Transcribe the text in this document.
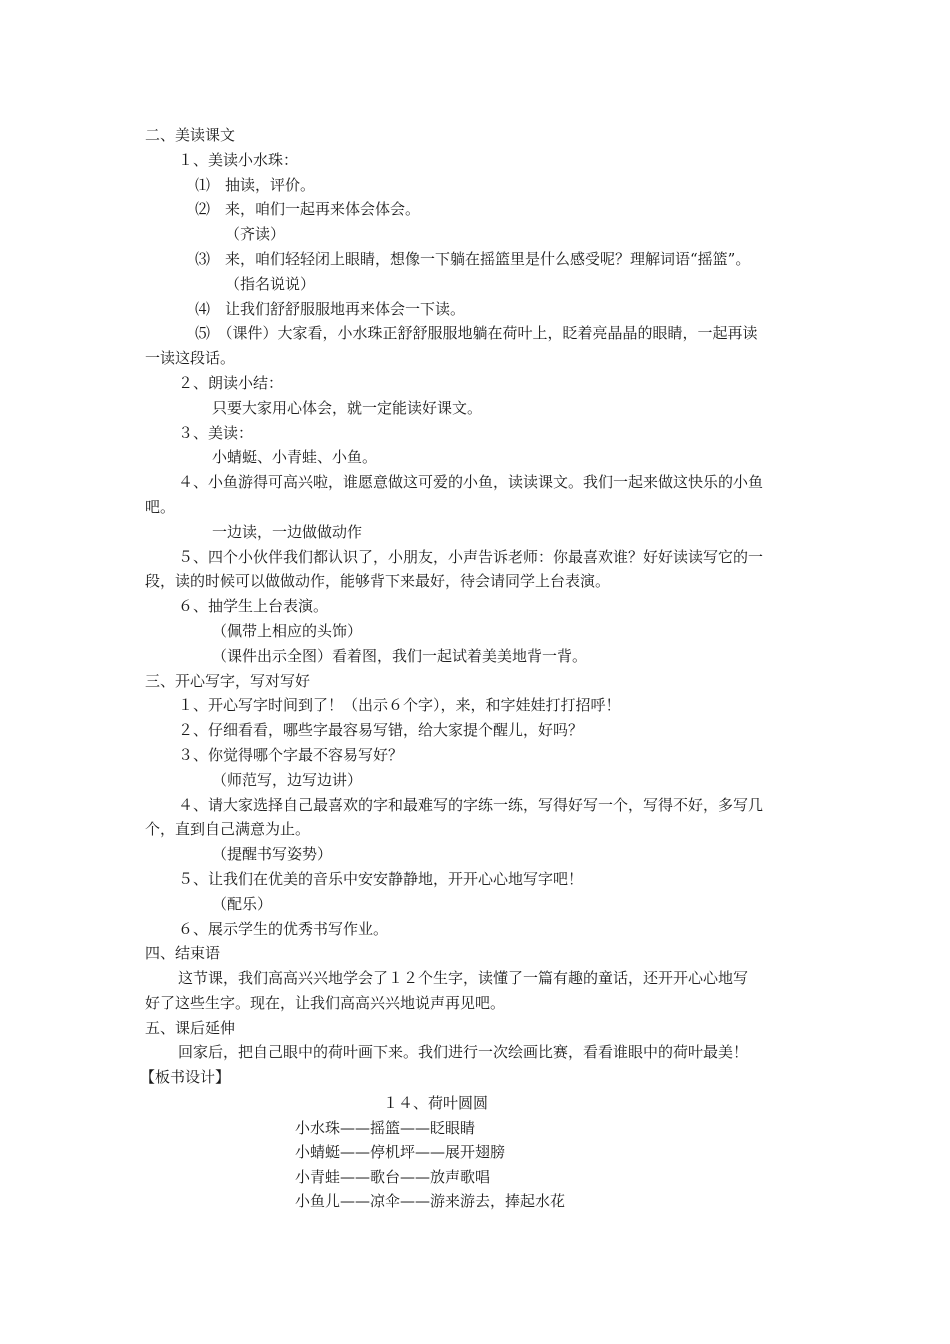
二、美读课文
１、美读小水珠：
⑴　抽读，评价。
⑵　来，咱们一起再来体会体会。
（齐读）
⑶　来，咱们轻轻闭上眼睛，想像一下躺在摇篮里是什么感受呢？理解词语“摇篮”。
（指名说说）
⑷　让我们舒舒服服地再来体会一下读。
⑸　（课件）大家看，小水珠正舒舒服服地躺在荷叶上，眨着亮晶晶的眼睛，一起再读
一读这段话。
２、朗读小结：
只要大家用心体会，就一定能读好课文。
３、美读：
小蜻蜓、小青蛙、小鱼。
４、小鱼游得可高兴啦，谁愿意做这可爱的小鱼，读读课文。我们一起来做这快乐的小鱼
吧。
一边读，一边做做动作
５、四个小伙伴我们都认识了，小朋友，小声告诉老师：你最喜欢谁？好好读读写它的一
段，读的时候可以做做动作，能够背下来最好，待会请同学上台表演。
６、抽学生上台表演。
（佩带上相应的头饰）
（课件出示全图）看着图，我们一起试着美美地背一背。
三、开心写字，写对写好
１、开心写字时间到了！（出示６个字），来，和字娃娃打打招呼！
２、仔细看看，哪些字最容易写错，给大家提个醒儿，好吗？
３、你觉得哪个字最不容易写好？
（师范写，边写边讲）
４、请大家选择自己最喜欢的字和最难写的字练一练，写得好写一个，写得不好，多写几
个，直到自己满意为止。
（提醒书写姿势）
５、让我们在优美的音乐中安安静静地，开开心心地写字吧！
（配乐）
６、展示学生的优秀书写作业。
四、结束语
这节课，我们高高兴兴地学会了１２个生字，读懂了一篇有趣的童话，还开开心心地写
好了这些生字。现在，让我们高高兴兴地说声再见吧。
五、课后延伸
回家后，把自己眼中的荷叶画下来。我们进行一次绘画比赛，看看谁眼中的荷叶最美！
【板书设计】
１４、荷叶圆圆
小水珠——摇篮——眨眼睛
小蜻蜓——停机坪——展开翅膀
小青蛙——歌台——放声歌唱
小鱼儿——凉伞——游来游去，捧起水花
